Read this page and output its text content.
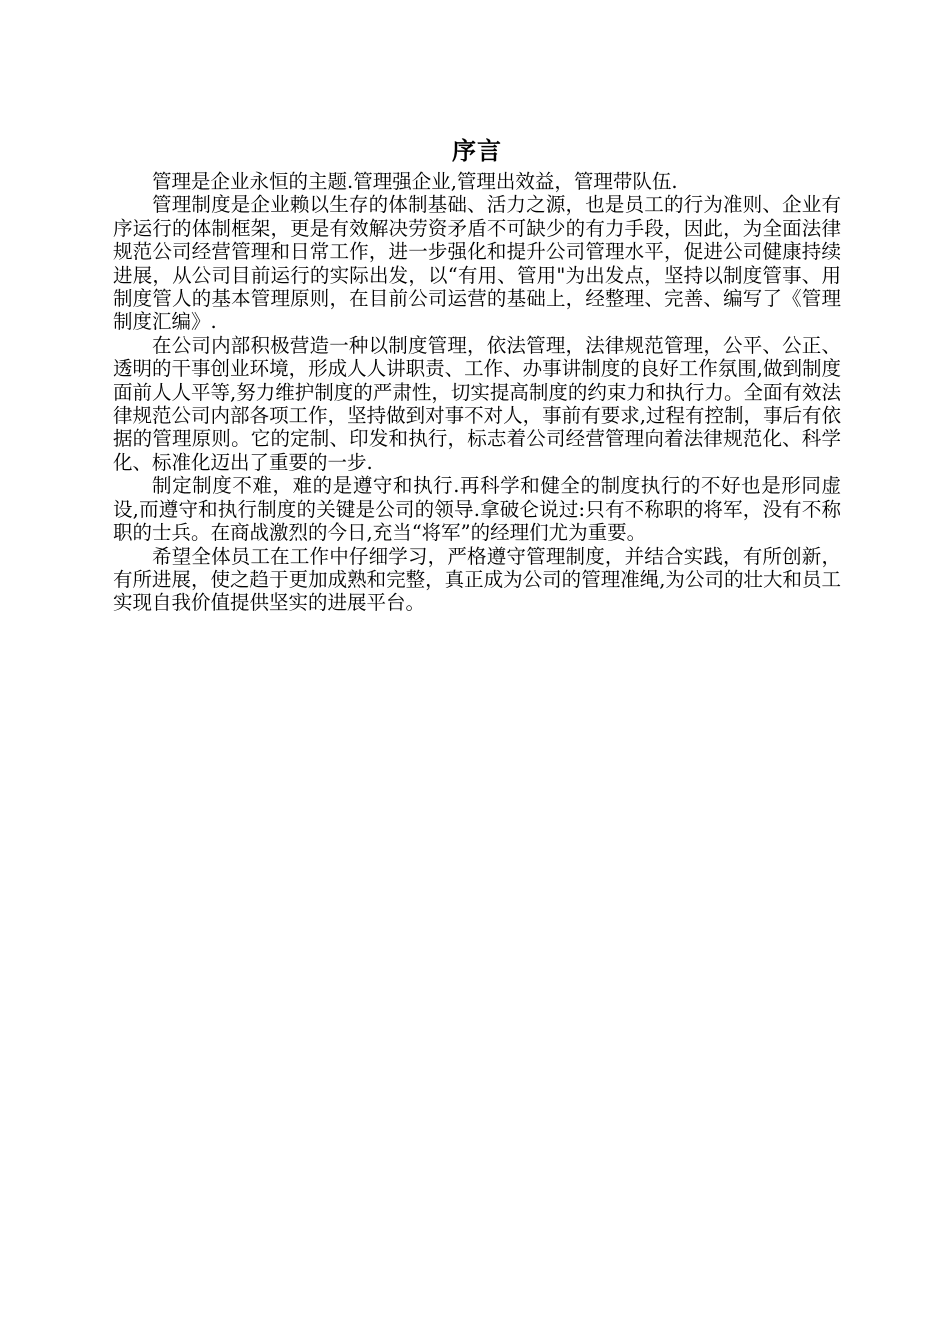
序言

管理是企业永恒的主题.管理强企业,管理出效益，管理带队伍.

管理制度是企业赖以生存的体制基础、活力之源，也是员工的行为准则、企业有序运行的体制框架，更是有效解决劳资矛盾不可缺少的有力手段，因此，为全面法律规范公司经营管理和日常工作，进一步强化和提升公司管理水平，促进公司健康持续进展，从公司目前运行的实际出发，以“有用、管用"为出发点，坚持以制度管事、用制度管人的基本管理原则，在目前公司运营的基础上，经整理、完善、编写了《管理制度汇编》.

在公司内部积极营造一种以制度管理，依法管理，法律规范管理，公平、公正、透明的干事创业环境，形成人人讲职责、工作、办事讲制度的良好工作氛围,做到制度面前人人平等,努力维护制度的严肃性，切实提高制度的约束力和执行力。全面有效法律规范公司内部各项工作，坚持做到对事不对人，事前有要求,过程有控制，事后有依据的管理原则。它的定制、印发和执行，标志着公司经营管理向着法律规范化、科学化、标准化迈出了重要的一步.

制定制度不难，难的是遵守和执行.再科学和健全的制度执行的不好也是形同虚设,而遵守和执行制度的关键是公司的领导.拿破仑说过:只有不称职的将军，没有不称职的士兵。在商战激烈的今日,充当“将军”的经理们尤为重要。

希望全体员工在工作中仔细学习，严格遵守管理制度，并结合实践，有所创新，有所进展，使之趋于更加成熟和完整，真正成为公司的管理准绳,为公司的壮大和员工实现自我价值提供坚实的进展平台。
